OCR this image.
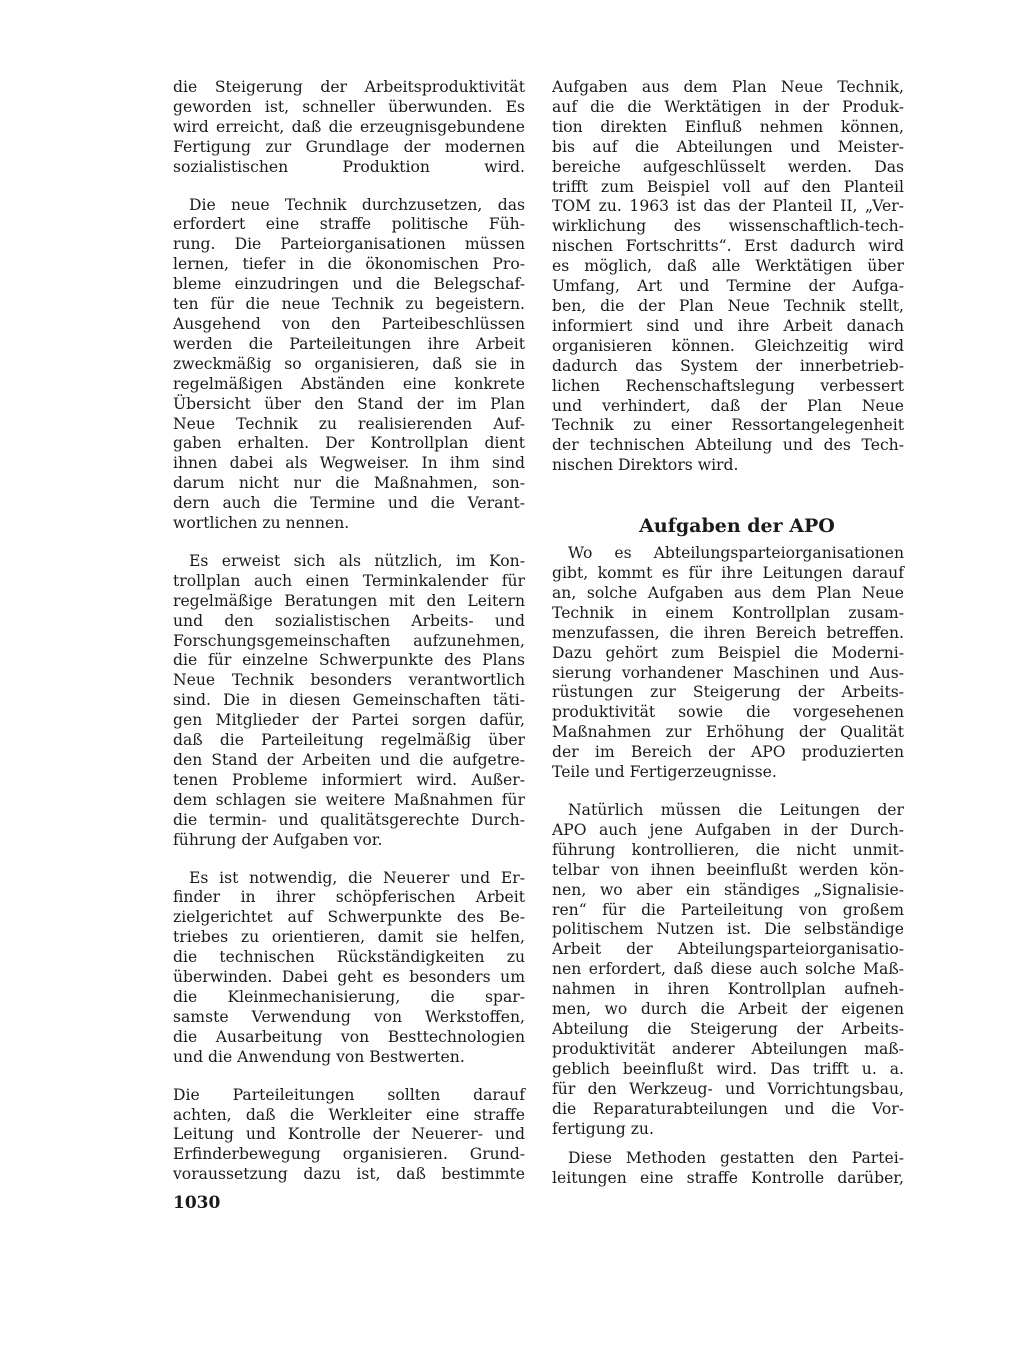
die Steigerung der Arbeitsproduktivität
geworden ist, schneller überwunden. Es
wird erreicht, daß die erzeugnisgebundene
Fertigung zur Grundlage der modernen
sozialistischen Produktion wird.

Die neue Technik durchzusetzen, das
erfordert eine straffe politische Füh-
rung. Die Parteiorganisationen müssen
lernen, tiefer in die ökonomischen Pro-
bleme einzudringen und die Belegschaf-
ten für die neue Technik zu begeistern.
Ausgehend von den Parteibeschlüssen
werden die Parteileitungen ihre Arbeit
zweckmäßig so organisieren, daß sie in
regelmäßigen Abständen eine konkrete
Übersicht über den Stand der im Plan
Neue Technik zu realisierenden Auf-
gaben erhalten. Der Kontrollplan dient
ihnen dabei als Wegweiser. In ihm sind
darum nicht nur die Maßnahmen, son-
dern auch die Termine und die Verant-
wortlichen zu nennen.

Es erweist sich als nützlich, im Kon-
trollplan auch einen Terminkalender für
regelmäßige Beratungen mit den Leitern
und den sozialistischen Arbeits- und
Forschungsgemeinschaften aufzunehmen,
die für einzelne Schwerpunkte des Plans
Neue Technik besonders verantwortlich
sind. Die in diesen Gemeinschaften täti-
gen Mitglieder der Partei sorgen dafür,
daß die Parteileitung regelmäßig über
den Stand der Arbeiten und die aufgetre-
tenen Probleme informiert wird. Außer-
dem schlagen sie weitere Maßnahmen für
die termin- und qualitätsgerechte Durch-
führung der Aufgaben vor.

Es ist notwendig, die Neuerer und Er-
finder in ihrer schöpferischen Arbeit
zielgerichtet auf Schwerpunkte des Be-
triebes zu orientieren, damit sie helfen,
die technischen Rückständigkeiten zu
überwinden. Dabei geht es besonders um
die Kleinmechanisierung, die spar-
samste Verwendung von Werkstoffen,
die Ausarbeitung von Besttechnologien
und die Anwendung von Bestwerten.

Die Parteileitungen sollten darauf
achten, daß die Werkleiter eine straffe
Leitung und Kontrolle der Neuerer- und
Erfinderbewegung organisieren. Grund-
voraussetzung dazu ist, daß bestimmte

Aufgaben aus dem Plan Neue Technik,
auf die die Werktätigen in der Produk-
tion direkten Einfluß nehmen können,
bis auf die Abteilungen und Meister-
bereiche aufgeschlüsselt werden. Das
trifft zum Beispiel voll auf den Planteil
TOM zu. 1963 ist das der Planteil II, „Ver-
wirklichung des wissenschaftlich-tech-
nischen Fortschritts“. Erst dadurch wird
es möglich, daß alle Werktätigen über
Umfang, Art und Termine der Aufga-
ben, die der Plan Neue Technik stellt,
informiert sind und ihre Arbeit danach
organisieren können. Gleichzeitig wird
dadurch das System der innerbetrieb-
lichen Rechenschaftslegung verbessert
und verhindert, daß der Plan Neue
Technik zu einer Ressortangelegenheit
der technischen Abteilung und des Tech-
nischen Direktors wird.

Aufgaben der APO

Wo es Abteilungsparteiorganisationen
gibt, kommt es für ihre Leitungen darauf
an, solche Aufgaben aus dem Plan Neue
Technik in einem Kontrollplan zusam-
menzufassen, die ihren Bereich betreffen.
Dazu gehört zum Beispiel die Moderni-
sierung vorhandener Maschinen und Aus-
rüstungen zur Steigerung der Arbeits-
produktivität sowie die vorgesehenen
Maßnahmen zur Erhöhung der Qualität
der im Bereich der APO produzierten
Teile und Fertigerzeugnisse.

Natürlich müssen die Leitungen der
APO auch jene Aufgaben in der Durch-
führung kontrollieren, die nicht unmit-
telbar von ihnen beeinflußt werden kön-
nen, wo aber ein ständiges „Signalisie-
ren“ für die Parteileitung von großem
politischem Nutzen ist. Die selbständige
Arbeit der Abteilungsparteiorganisatio-
nen erfordert, daß diese auch solche Maß-
nahmen in ihren Kontrollplan aufneh-
men, wo durch die Arbeit der eigenen
Abteilung die Steigerung der Arbeits-
produktivität anderer Abteilungen maß-
geblich beeinflußt wird. Das trifft u. a.
für den Werkzeug- und Vorrichtungsbau,
die Reparaturabteilungen und die Vor-
fertigung zu.

Diese Methoden gestatten den Partei-
leitungen eine straffe Kontrolle darüber,

1030
